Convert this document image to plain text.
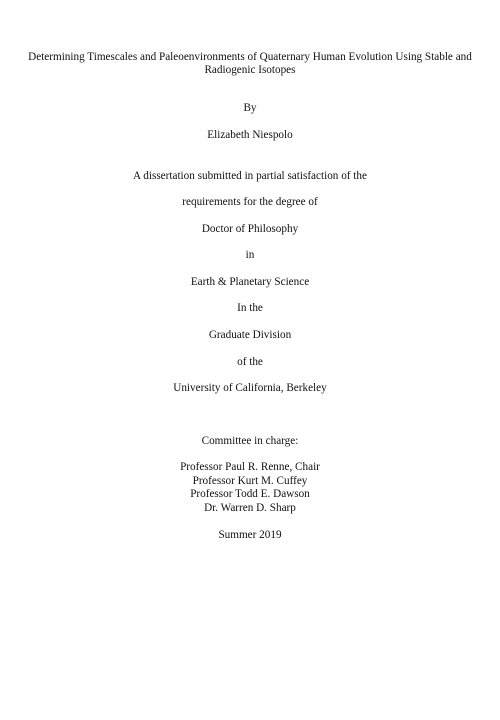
Determining Timescales and Paleoenvironments of Quaternary Human Evolution Using Stable and Radiogenic Isotopes
By
Elizabeth Niespolo
A dissertation submitted in partial satisfaction of the
requirements for the degree of
Doctor of Philosophy
in
Earth & Planetary Science
In the
Graduate Division
of the
University of California, Berkeley
Committee in charge:
Professor Paul R. Renne, Chair
Professor Kurt M. Cuffey
Professor Todd E. Dawson
Dr. Warren D. Sharp
Summer 2019
